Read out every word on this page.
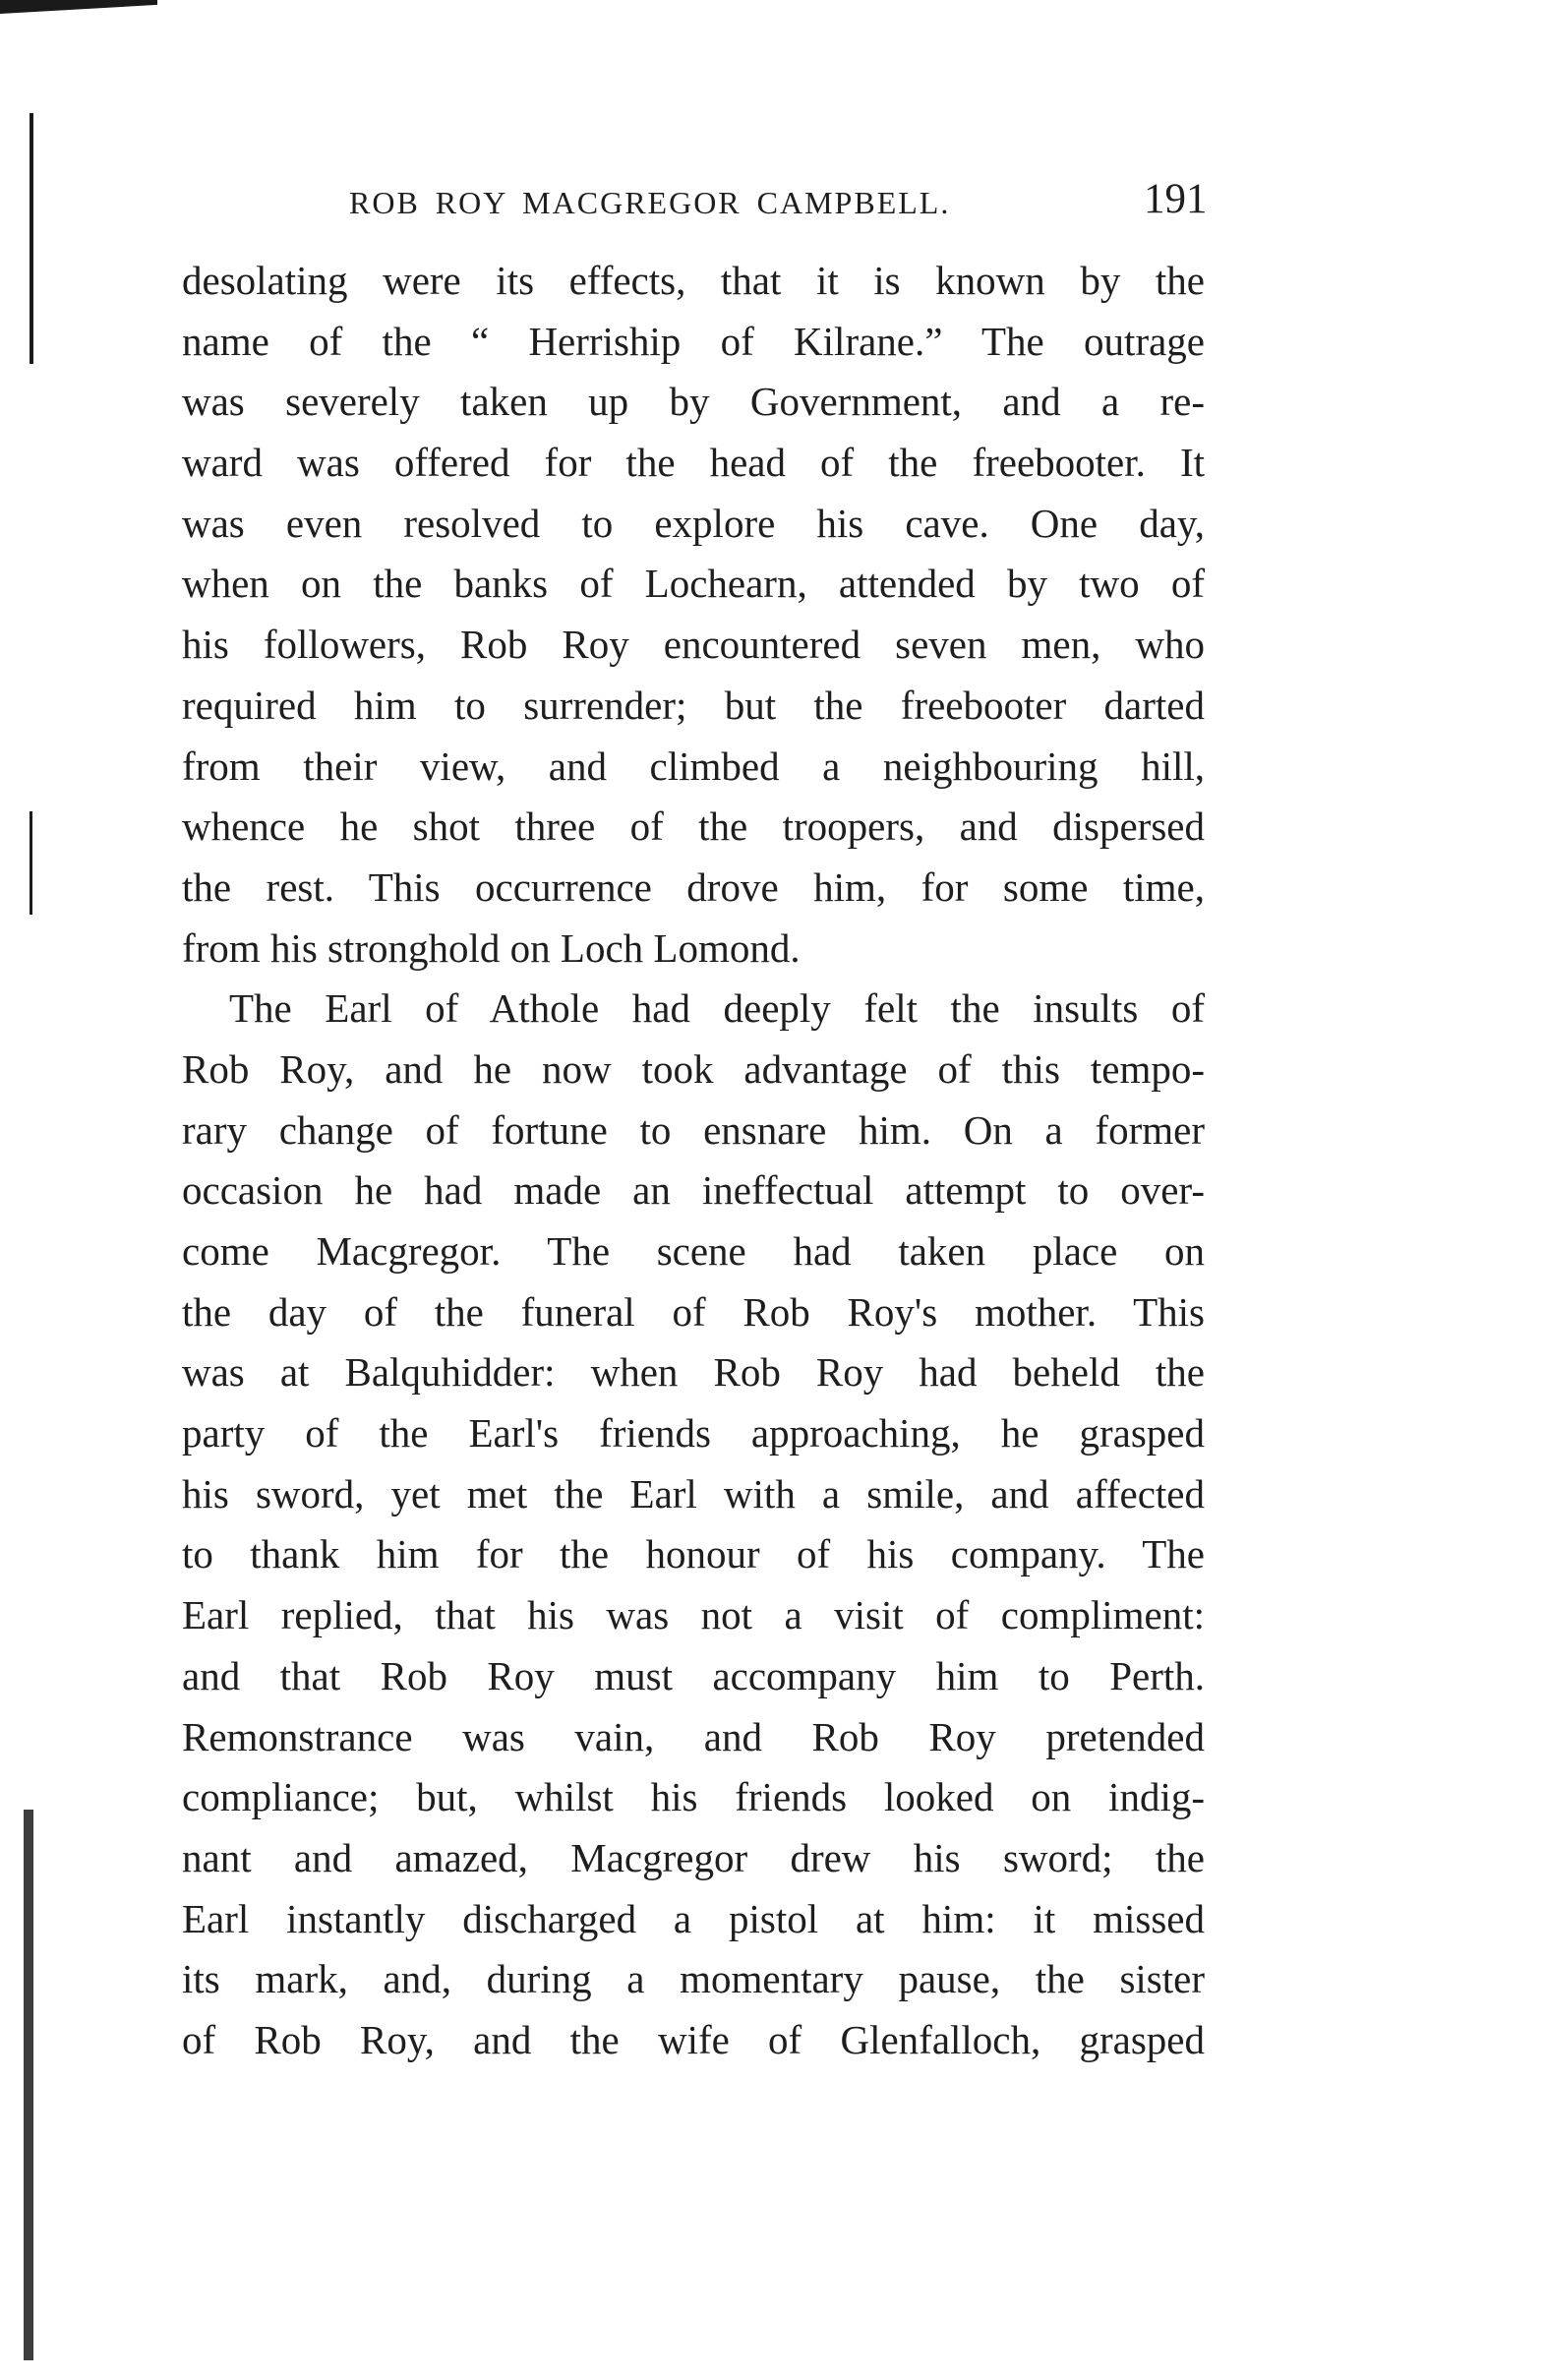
ROB ROY MACGREGOR CAMPBELL.	191
desolating were its effects, that it is known by the
name of the “ Herriship of Kilrane.” The outrage
was severely taken up by Government, and a re-
ward was offered for the head of the freebooter. It
was even resolved to explore his cave. One day,
when on the banks of Lochearn, attended by two of
his followers, Rob Roy encountered seven men, who
required him to surrender; but the freebooter darted
from their view, and climbed a neighbouring hill,
whence he shot three of the troopers, and dispersed
the rest. This occurrence drove him, for some time,
from his stronghold on Loch Lomond.
The Earl of Athole had deeply felt the insults of
Rob Roy, and he now took advantage of this tempo-
rary change of fortune to ensnare him. On a former
occasion he had made an ineffectual attempt to over-
come Macgregor. The scene had taken place on
the day of the funeral of Rob Roy's mother. This
was at Balquhidder: when Rob Roy had beheld the
party of the Earl's friends approaching, he grasped
his sword, yet met the Earl with a smile, and affected
to thank him for the honour of his company. The
Earl replied, that his was not a visit of compliment:
and that Rob Roy must accompany him to Perth.
Remonstrance was vain, and Rob Roy pretended
compliance; but, whilst his friends looked on indig-
nant and amazed, Macgregor drew his sword; the
Earl instantly discharged a pistol at him: it missed
its mark, and, during a momentary pause, the sister
of Rob Roy, and the wife of Glenfalloch, grasped
